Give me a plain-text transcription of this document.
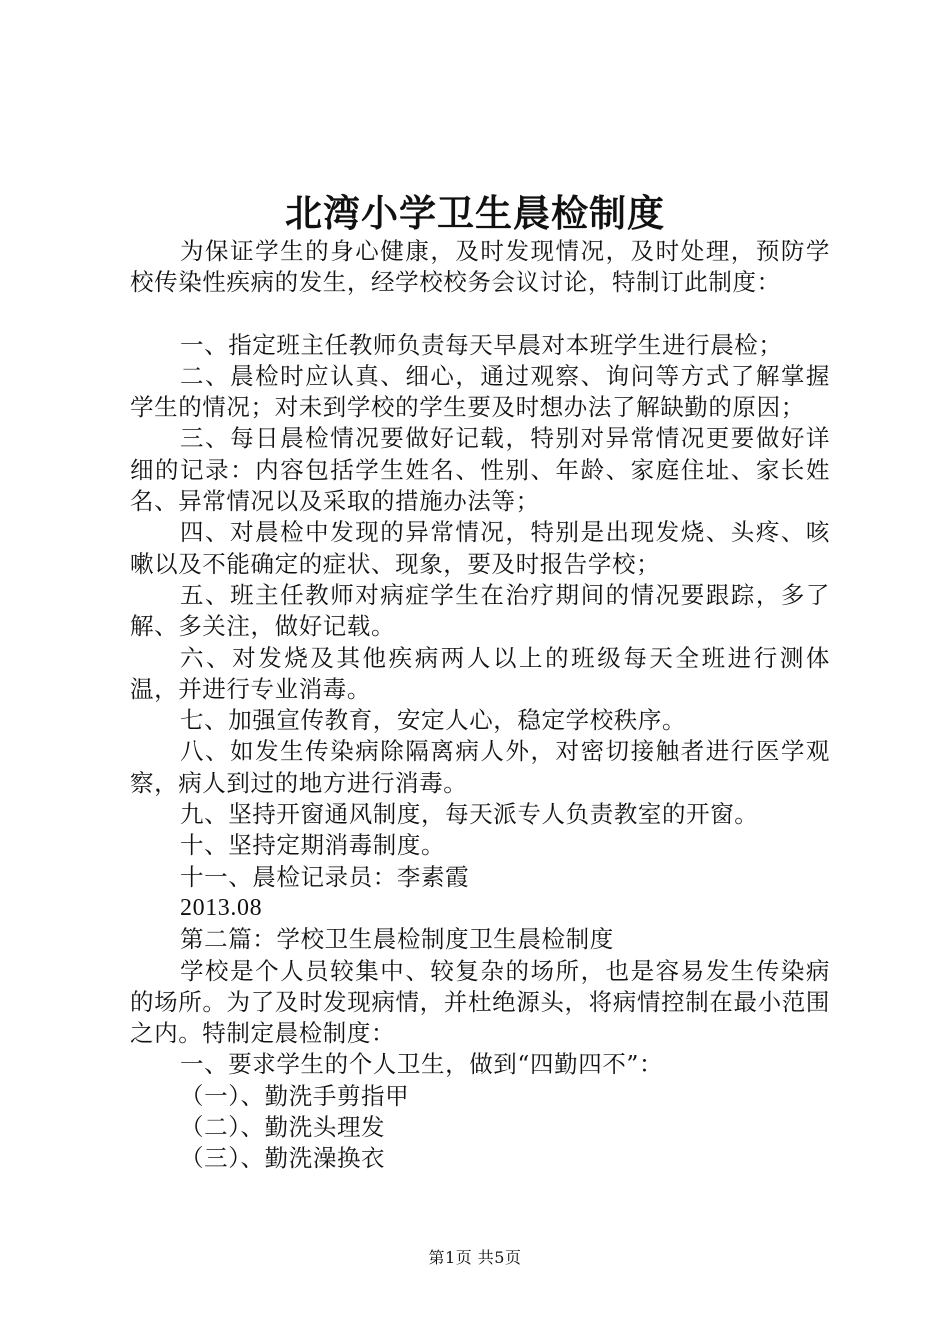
北湾小学卫生晨检制度

为保证学生的身心健康，及时发现情况，及时处理，预防学校传染性疾病的发生，经学校校务会议讨论，特制订此制度：

一、指定班主任教师负责每天早晨对本班学生进行晨检；

二、晨检时应认真、细心，通过观察、询问等方式了解掌握学生的情况；对未到学校的学生要及时想办法了解缺勤的原因；

三、每日晨检情况要做好记载，特别对异常情况更要做好详细的记录：内容包括学生姓名、性别、年龄、家庭住址、家长姓名、异常情况以及采取的措施办法等；

四、对晨检中发现的异常情况，特别是出现发烧、头疼、咳嗽以及不能确定的症状、现象，要及时报告学校；

五、班主任教师对病症学生在治疗期间的情况要跟踪，多了解、多关注，做好记载。

六、对发烧及其他疾病两人以上的班级每天全班进行测体温，并进行专业消毒。

七、加强宣传教育，安定人心，稳定学校秩序。

八、如发生传染病除隔离病人外，对密切接触者进行医学观察，病人到过的地方进行消毒。

九、坚持开窗通风制度，每天派专人负责教室的开窗。

十、坚持定期消毒制度。

十一、晨检记录员：李素霞

2013.08

第二篇：学校卫生晨检制度卫生晨检制度

学校是个人员较集中、较复杂的场所，也是容易发生传染病的场所。为了及时发现病情，并杜绝源头，将病情控制在最小范围之内。特制定晨检制度：

一、要求学生的个人卫生，做到“四勤四不”：

（一）、勤洗手剪指甲

（二）、勤洗头理发

（三）、勤洗澡换衣

第1页 共5页
